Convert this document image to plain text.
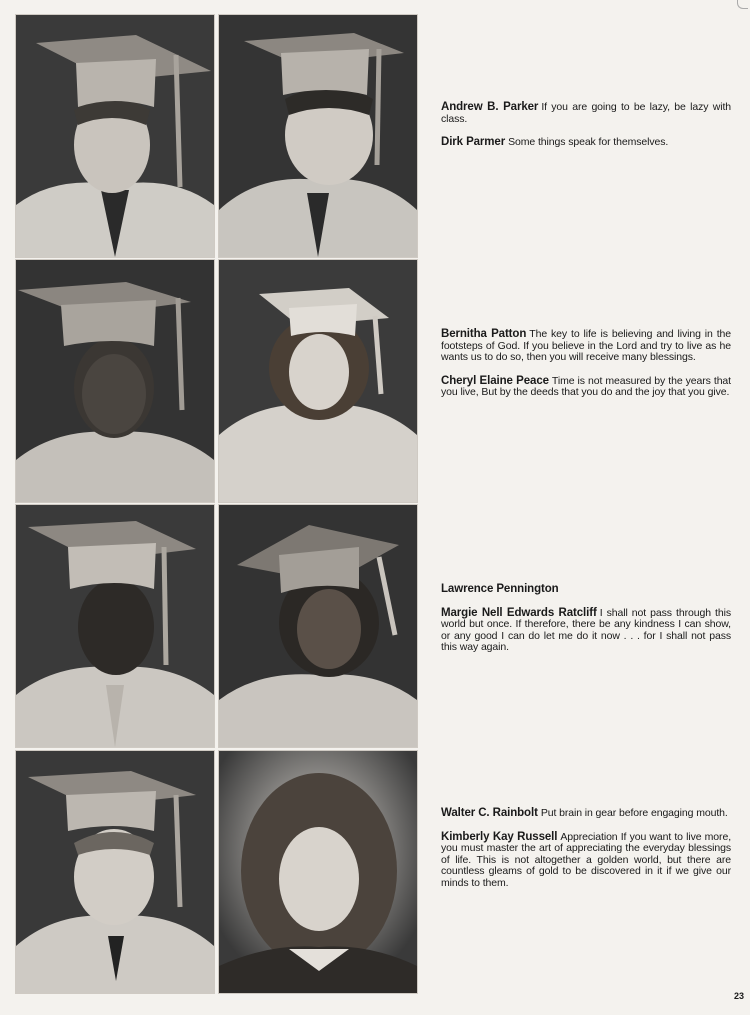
Andrew B. Parker If you are going to be lazy, be lazy with class.

Dirk Parmer Some things speak for themselves.

Bernitha Patton The key to life is believing and living in the footsteps of God. If you believe in the Lord and try to live as he wants us to do so, then you will receive many blessings.

Cheryl Elaine Peace Time is not measured by the years that you live, But by the deeds that you do and the joy that you give.

Lawrence Pennington

Margie Nell Edwards Ratcliff I shall not pass through this world but once. If therefore, there be any kindness I can show, or any good I can do let me do it now . . . for I shall not pass this way again.

Walter C. Rainbolt Put brain in gear before engaging mouth.

Kimberly Kay Russell Appreciation If you want to live more, you must master the art of appreciating the everyday blessings of life. This is not altogether a golden world, but there are countless gleams of gold to be discovered in it if we give our minds to them.

23
